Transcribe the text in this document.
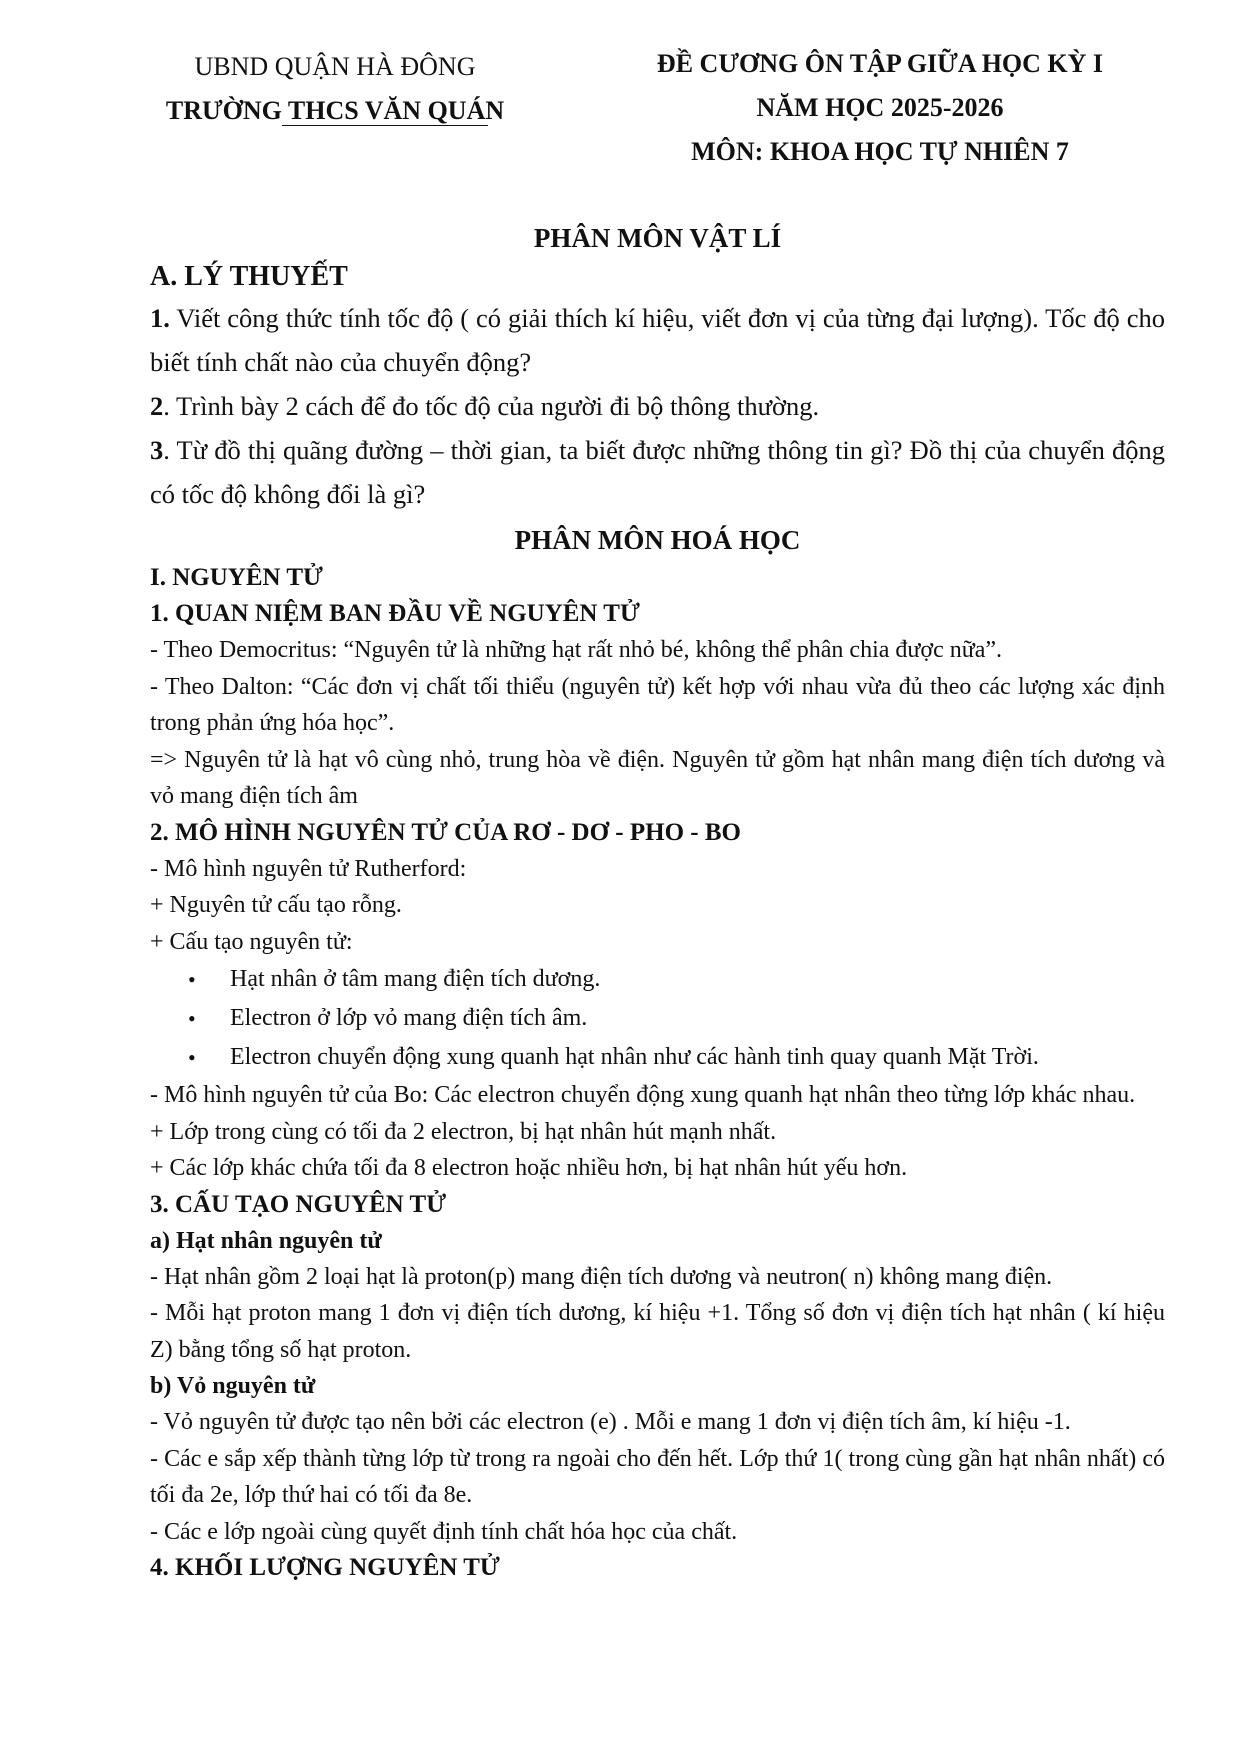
UBND QUẬN HÀ ĐÔNG
TRƯỜNG THCS VĂN QUÁN
ĐỀ CƯƠNG ÔN TẬP GIỮA HỌC KỲ I
NĂM HỌC 2025-2026
MÔN: KHOA HỌC TỰ NHIÊN 7
PHÂN MÔN VẬT LÍ
A. LÝ THUYẾT
1. Viết công thức tính tốc độ ( có giải thích kí hiệu, viết đơn vị của từng đại lượng). Tốc độ cho biết tính chất nào của chuyển động?
2. Trình bày 2 cách để đo tốc độ của người đi bộ thông thường.
3. Từ đồ thị quãng đường – thời gian, ta biết được những thông tin gì? Đồ thị của chuyển động có tốc độ không đổi là gì?
PHÂN MÔN HOÁ HỌC
I. NGUYÊN TỬ
1. QUAN NIỆM BAN ĐẦU VỀ NGUYÊN TỬ
- Theo Democritus: “Nguyên tử là những hạt rất nhỏ bé, không thể phân chia được nữa”.
- Theo Dalton: “Các đơn vị chất tối thiểu (nguyên tử) kết hợp với nhau vừa đủ theo các lượng xác định trong phản ứng hóa học”.
=> Nguyên tử là hạt vô cùng nhỏ, trung hòa về điện. Nguyên tử gồm hạt nhân mang điện tích dương và vỏ mang điện tích âm
2. MÔ HÌNH NGUYÊN TỬ CỦA RƠ - DƠ - PHO - BO
- Mô hình nguyên tử Rutherford:
+ Nguyên tử cấu tạo rỗng.
+ Cấu tạo nguyên tử:
• Hạt nhân ở tâm mang điện tích dương.
• Electron ở lớp vỏ mang điện tích âm.
• Electron chuyển động xung quanh hạt nhân như các hành tinh quay quanh Mặt Trời.
- Mô hình nguyên tử của Bo: Các electron chuyển động xung quanh hạt nhân theo từng lớp khác nhau.
+ Lớp trong cùng có tối đa 2 electron, bị hạt nhân hút mạnh nhất.
+ Các lớp khác chứa tối đa 8 electron hoặc nhiều hơn, bị hạt nhân hút yếu hơn.
3. CẤU TẠO NGUYÊN TỬ
a) Hạt nhân nguyên tử
- Hạt nhân gồm 2 loại hạt là proton(p) mang điện tích dương và neutron( n) không mang điện.
- Mỗi hạt proton mang 1 đơn vị điện tích dương, kí hiệu +1. Tổng số đơn vị điện tích hạt nhân ( kí hiệu Z) bằng tổng số hạt proton.
b) Vỏ nguyên tử
- Vỏ nguyên tử được tạo nên bởi các electron (e) . Mỗi e mang 1 đơn vị điện tích âm, kí hiệu -1.
- Các e sắp xếp thành từng lớp từ trong ra ngoài cho đến hết. Lớp thứ 1( trong cùng gần hạt nhân nhất) có tối đa 2e, lớp thứ hai có tối đa 8e.
- Các e lớp ngoài cùng quyết định tính chất hóa học của chất.
4. KHỐI LƯỢNG NGUYÊN TỬ
